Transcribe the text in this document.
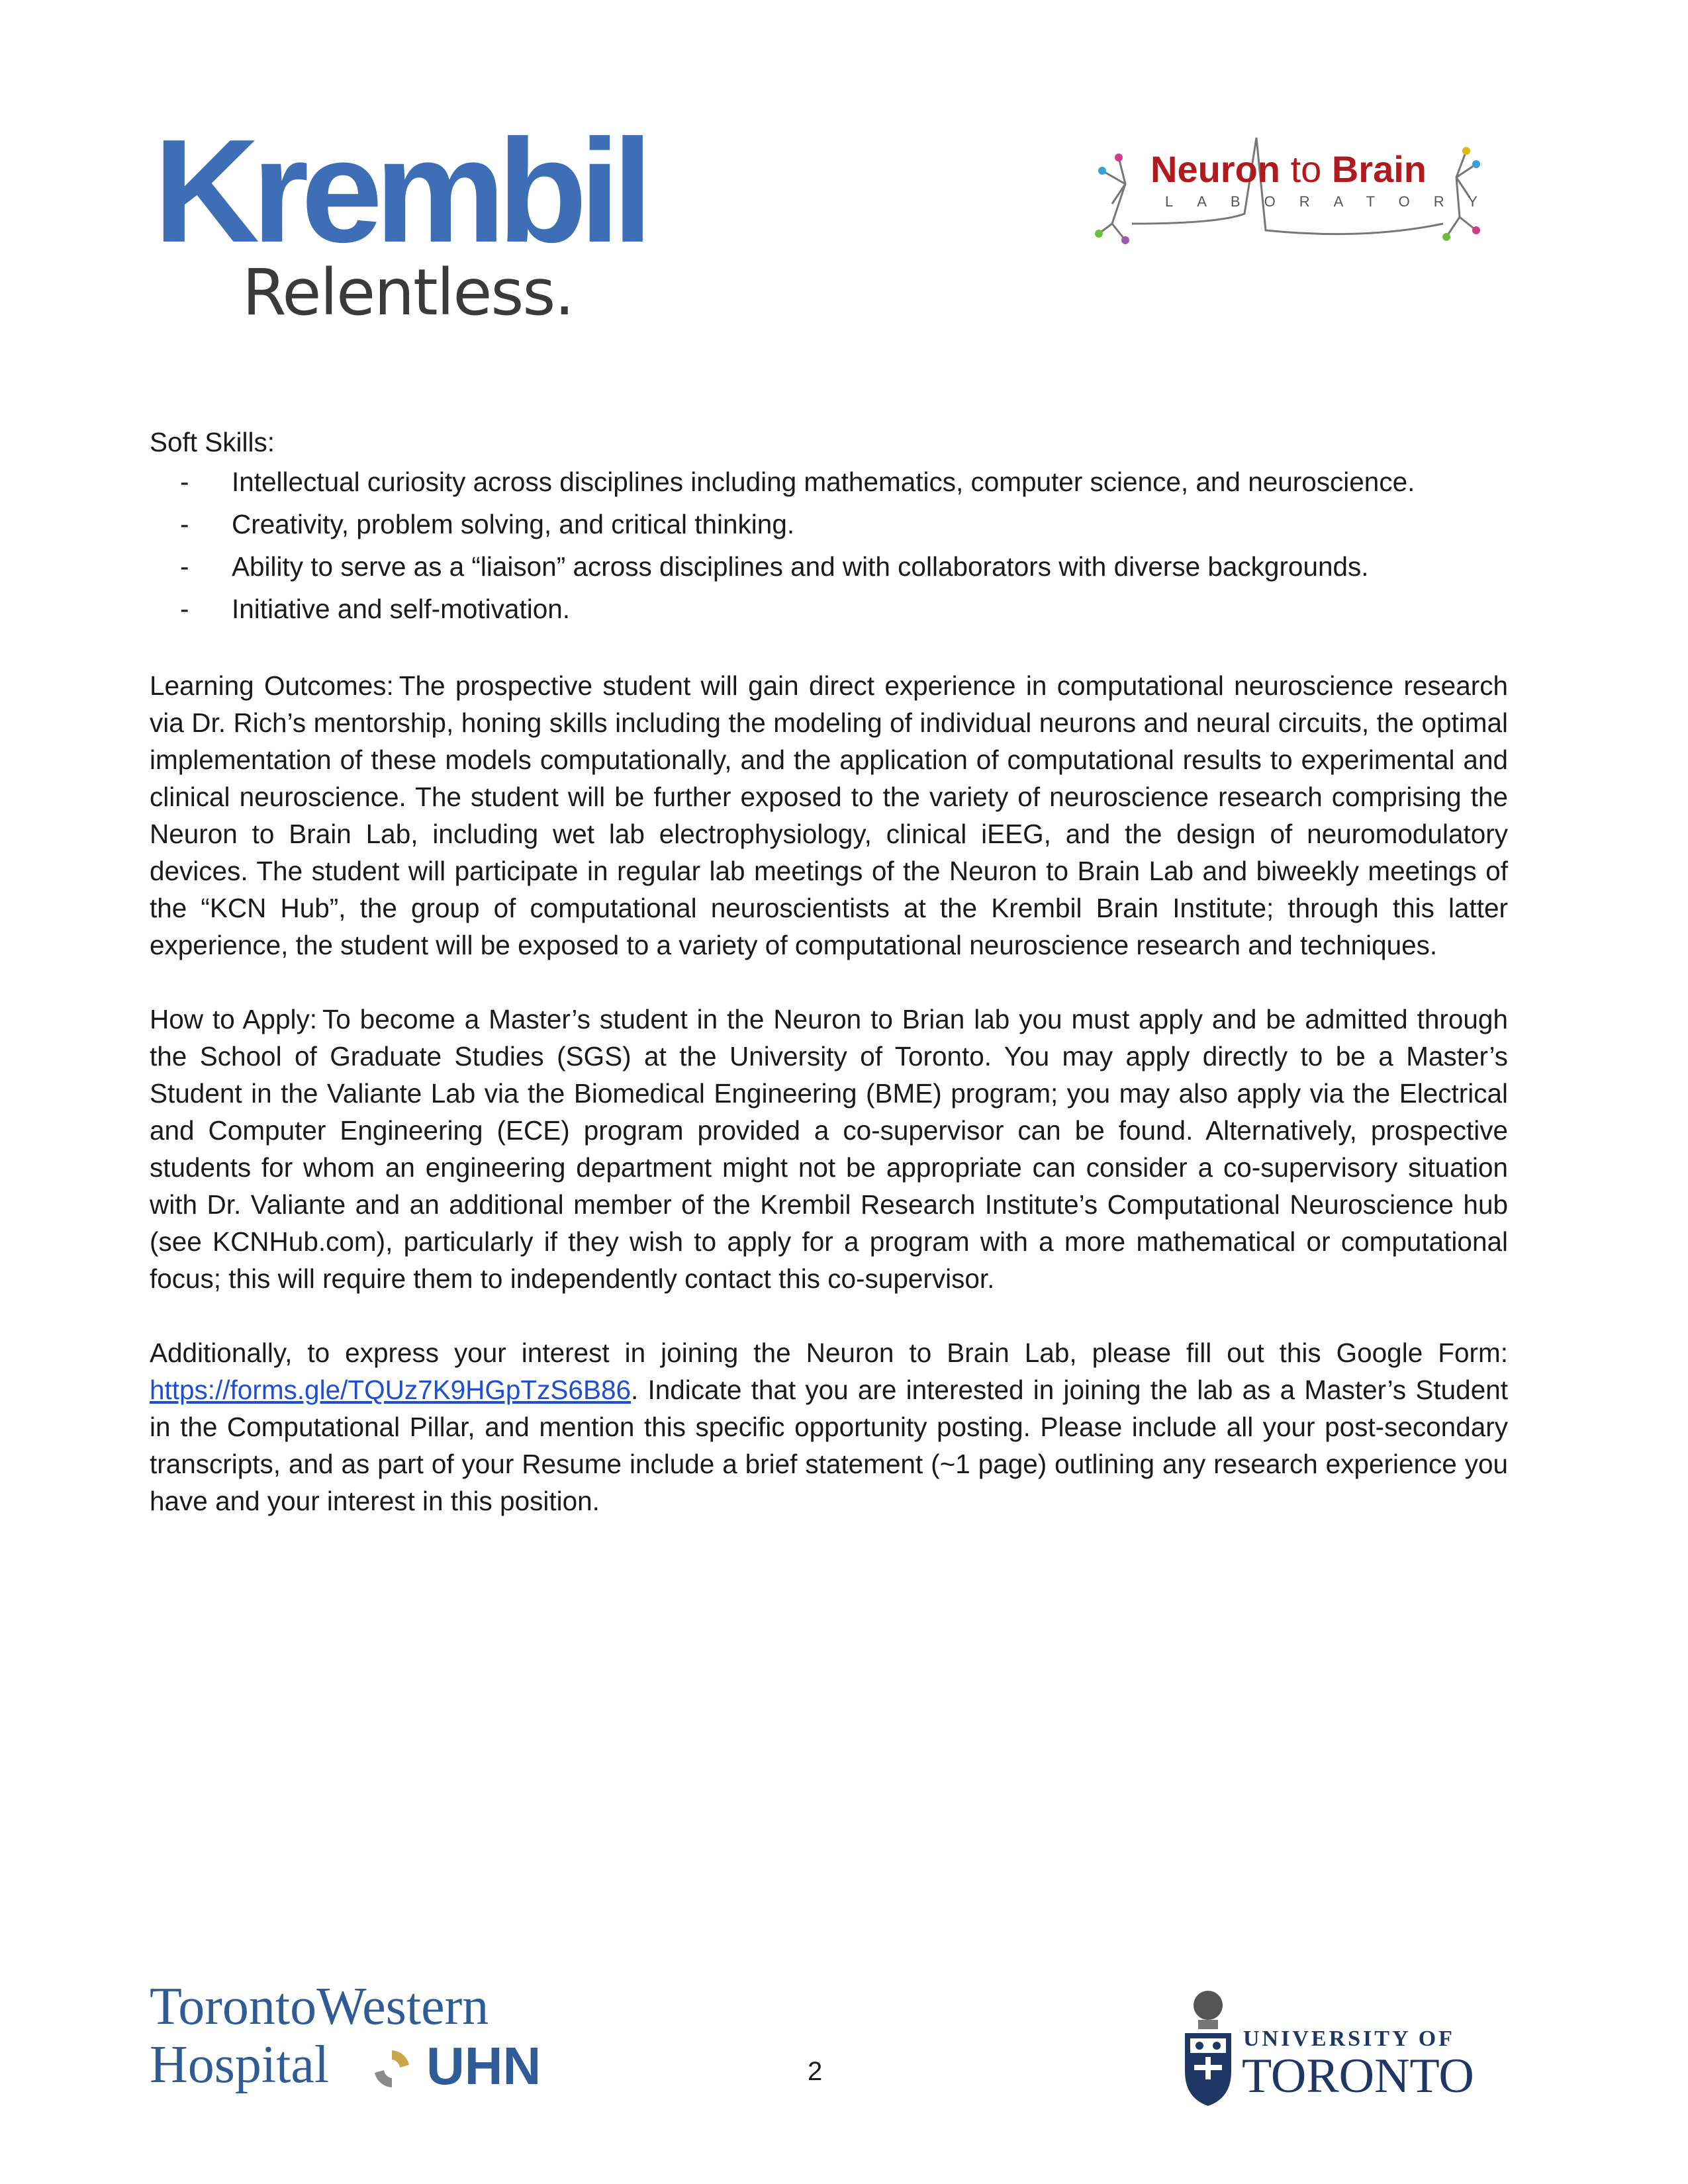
Krembil
Relentless.
Neuron to Brain
LABORATORY
Soft Skills:
- Intellectual curiosity across disciplines including mathematics, computer science, and neuroscience.
- Creativity, problem solving, and critical thinking.
- Ability to serve as a “liaison” across disciplines and with collaborators with diverse backgrounds.
- Initiative and self-motivation.

Learning Outcomes: The prospective student will gain direct experience in computational neuroscience research via Dr. Rich’s mentorship, honing skills including the modeling of individual neurons and neural circuits, the optimal implementation of these models computationally, and the application of computational results to experimental and clinical neuroscience. The student will be further exposed to the variety of neuroscience research comprising the Neuron to Brain Lab, including wet lab electrophysiology, clinical iEEG, and the design of neuromodulatory devices. The student will participate in regular lab meetings of the Neuron to Brain Lab and biweekly meetings of the “KCN Hub”, the group of computational neuroscientists at the Krembil Brain Institute; through this latter experience, the student will be exposed to a variety of computational neuroscience research and techniques.

How to Apply: To become a Master’s student in the Neuron to Brian lab you must apply and be admitted through the School of Graduate Studies (SGS) at the University of Toronto. You may apply directly to be a Master’s Student in the Valiante Lab via the Biomedical Engineering (BME) program; you may also apply via the Electrical and Computer Engineering (ECE) program provided a co-supervisor can be found. Alternatively, prospective students for whom an engineering department might not be appropriate can consider a co-supervisory situation with Dr. Valiante and an additional member of the Krembil Research Institute’s Computational Neuroscience hub (see KCNHub.com), particularly if they wish to apply for a program with a more mathematical or computational focus; this will require them to independently contact this co-supervisor.

Additionally, to express your interest in joining the Neuron to Brain Lab, please fill out this Google Form: https://forms.gle/TQUz7K9HGpTzS6B86. Indicate that you are interested in joining the lab as a Master’s Student in the Computational Pillar, and mention this specific opportunity posting. Please include all your post-secondary transcripts, and as part of your Resume include a brief statement (~1 page) outlining any research experience you have and your interest in this position.

TorontoWestern
Hospital UHN	2
UNIVERSITY OF
TORONTO
